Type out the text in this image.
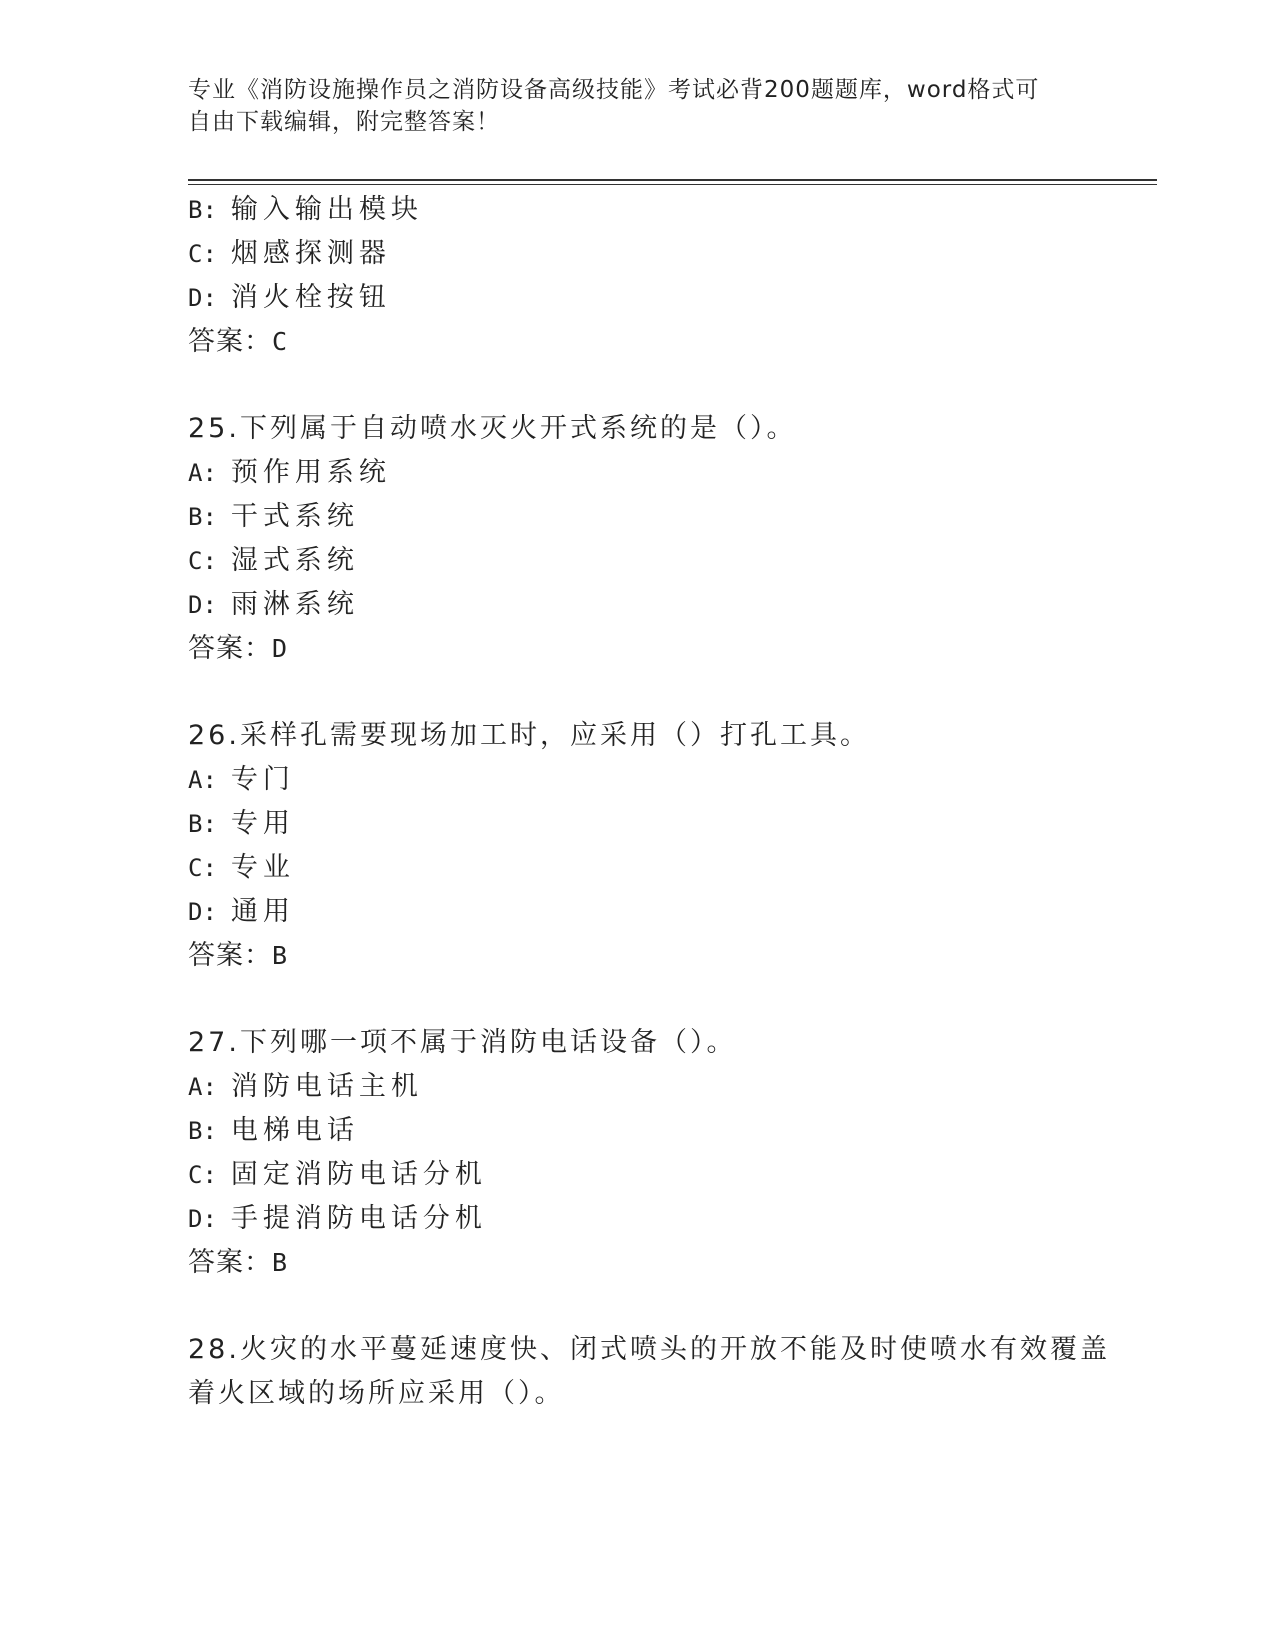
专业《消防设施操作员之消防设备高级技能》考试必背200题题库，word格式可
自由下载编辑，附完整答案！
B: 输入输出模块
C: 烟感探测器
D: 消火栓按钮
答案：C
25.下列属于自动喷水灭火开式系统的是（）。
A: 预作用系统
B: 干式系统
C: 湿式系统
D: 雨淋系统
答案：D
26.采样孔需要现场加工时，应采用（）打孔工具。
A: 专门
B: 专用
C: 专业
D: 通用
答案：B
27.下列哪一项不属于消防电话设备（）。
A: 消防电话主机
B: 电梯电话
C: 固定消防电话分机
D: 手提消防电话分机
答案：B
28.火灾的水平蔓延速度快、闭式喷头的开放不能及时使喷水有效覆盖
着火区域的场所应采用（）。
